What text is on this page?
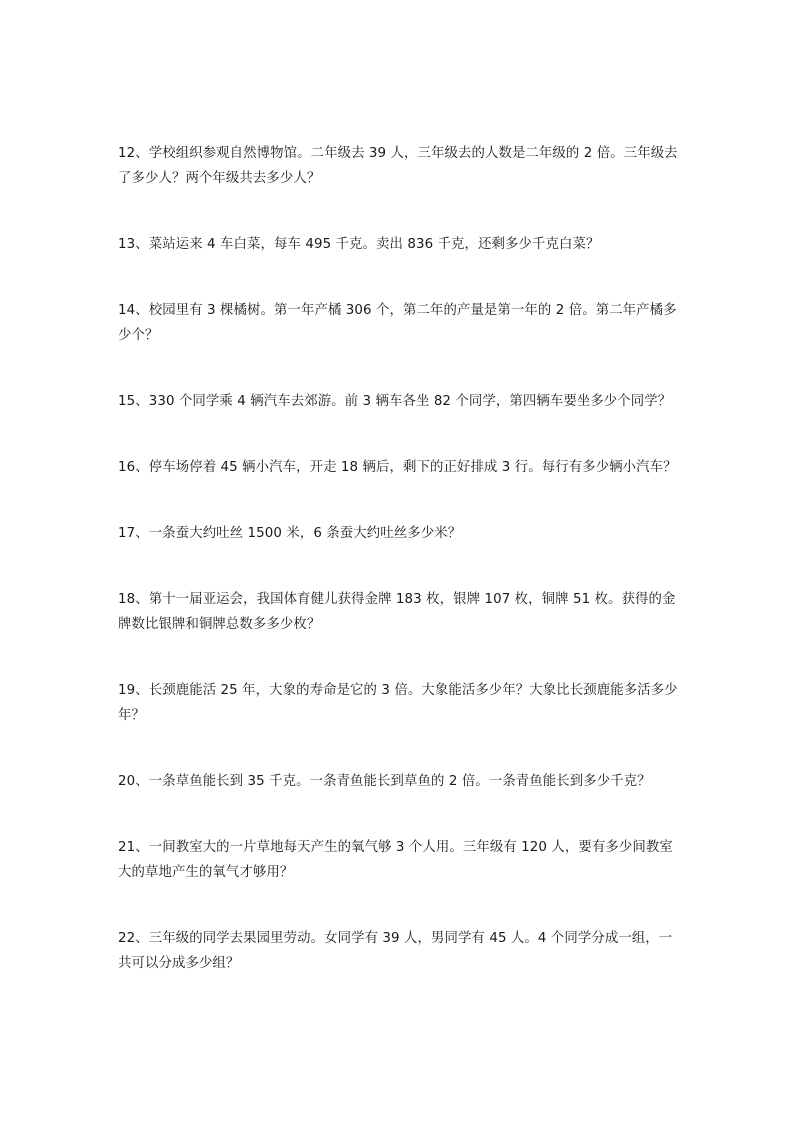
12、学校组织参观自然博物馆。二年级去 39 人，三年级去的人数是二年级的 2 倍。三年级去了多少人？两个年级共去多少人？

13、菜站运来 4 车白菜，每车 495 千克。卖出 836 千克，还剩多少千克白菜？

14、校园里有 3 棵橘树。第一年产橘 306 个，第二年的产量是第一年的 2 倍。第二年产橘多少个？

15、330 个同学乘 4 辆汽车去郊游。前 3 辆车各坐 82 个同学，第四辆车要坐多少个同学？

16、停车场停着 45 辆小汽车，开走 18 辆后，剩下的正好排成 3 行。每行有多少辆小汽车？

17、一条蚕大约吐丝 1500 米，6 条蚕大约吐丝多少米？

18、第十一届亚运会，我国体育健儿获得金牌 183 枚，银牌 107 枚，铜牌 51 枚。获得的金牌数比银牌和铜牌总数多多少枚？

19、长颈鹿能活 25 年，大象的寿命是它的 3 倍。大象能活多少年？大象比长颈鹿能多活多少年？

20、一条草鱼能长到 35 千克。一条青鱼能长到草鱼的 2 倍。一条青鱼能长到多少千克？

21、一间教室大的一片草地每天产生的氧气够 3 个人用。三年级有 120 人，要有多少间教室大的草地产生的氧气才够用？

22、三年级的同学去果园里劳动。女同学有 39 人，男同学有 45 人。4 个同学分成一组，一共可以分成多少组？
